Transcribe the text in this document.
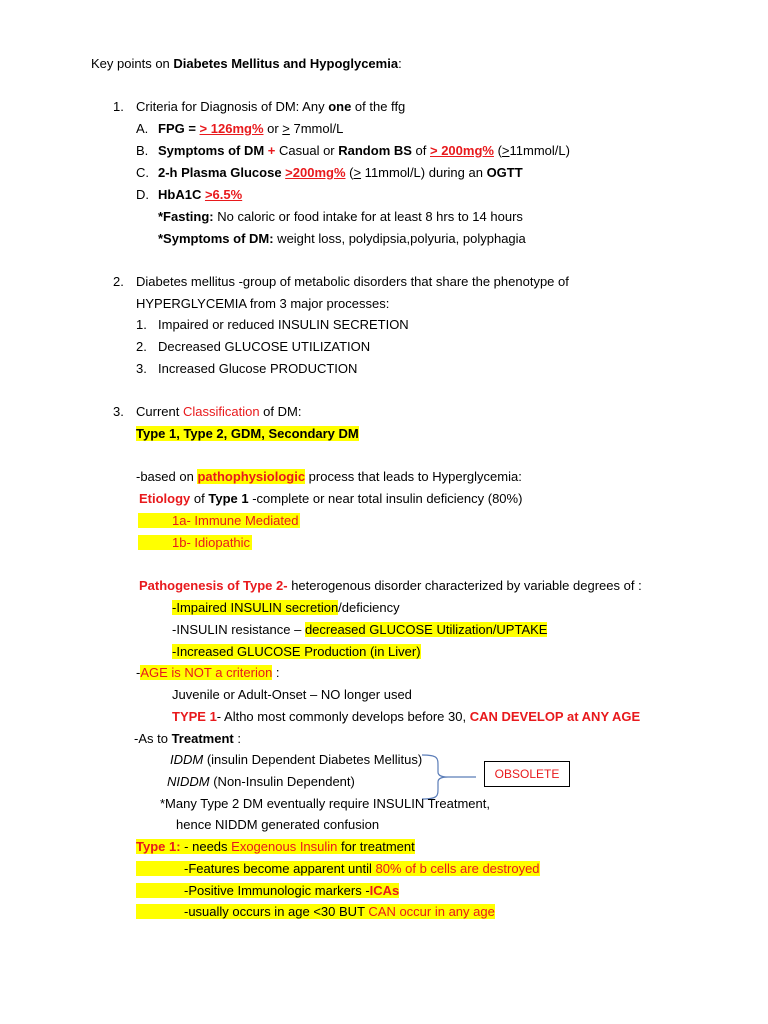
Key points on Diabetes Mellitus and Hypoglycemia:
1. Criteria for Diagnosis of DM: Any one of the ffg
A. FPG = > 126mg% or > 7mmol/L
B. Symptoms of DM + Casual or Random BS of > 200mg% (>11mmol/L)
C. 2-h Plasma Glucose >200mg% (> 11mmol/L) during an OGTT
D. HbA1C >6.5%
*Fasting: No caloric or food intake for at least 8 hrs to 14 hours
*Symptoms of DM: weight loss, polydipsia,polyuria, polyphagia
2. Diabetes mellitus -group of metabolic disorders that share the phenotype of
HYPERGLYCEMIA from 3 major processes:
1. Impaired or reduced INSULIN SECRETION
2. Decreased GLUCOSE UTILIZATION
3. Increased Glucose PRODUCTION
3. Current Classification of DM:
Type 1, Type 2, GDM, Secondary DM
-based on pathophysiologic process that leads to Hyperglycemia:
Etiology of Type 1 -complete or near total insulin deficiency (80%)
1a- Immune Mediated
1b- Idiopathic
Pathogenesis of Type 2- heterogenous disorder characterized by variable degrees of :
-Impaired INSULIN secretion/deficiency
-INSULIN resistance – decreased GLUCOSE Utilization/UPTAKE
-Increased GLUCOSE Production (in Liver)
-AGE is NOT a criterion :
Juvenile or Adult-Onset – NO longer used
TYPE 1- Altho most commonly develops before 30, CAN DEVELOP at ANY AGE
-As to Treatment :
IDDM (insulin Dependent Diabetes Mellitus)
NIDDM (Non-Insulin Dependent)	OBSOLETE
*Many Type 2 DM eventually require INSULIN Treatment,
hence NIDDM generated confusion
Type 1: - needs Exogenous Insulin for treatment
-Features become apparent until 80% of b cells are destroyed
-Positive Immunologic markers -ICAs
-usually occurs in age <30 BUT CAN occur in any age
